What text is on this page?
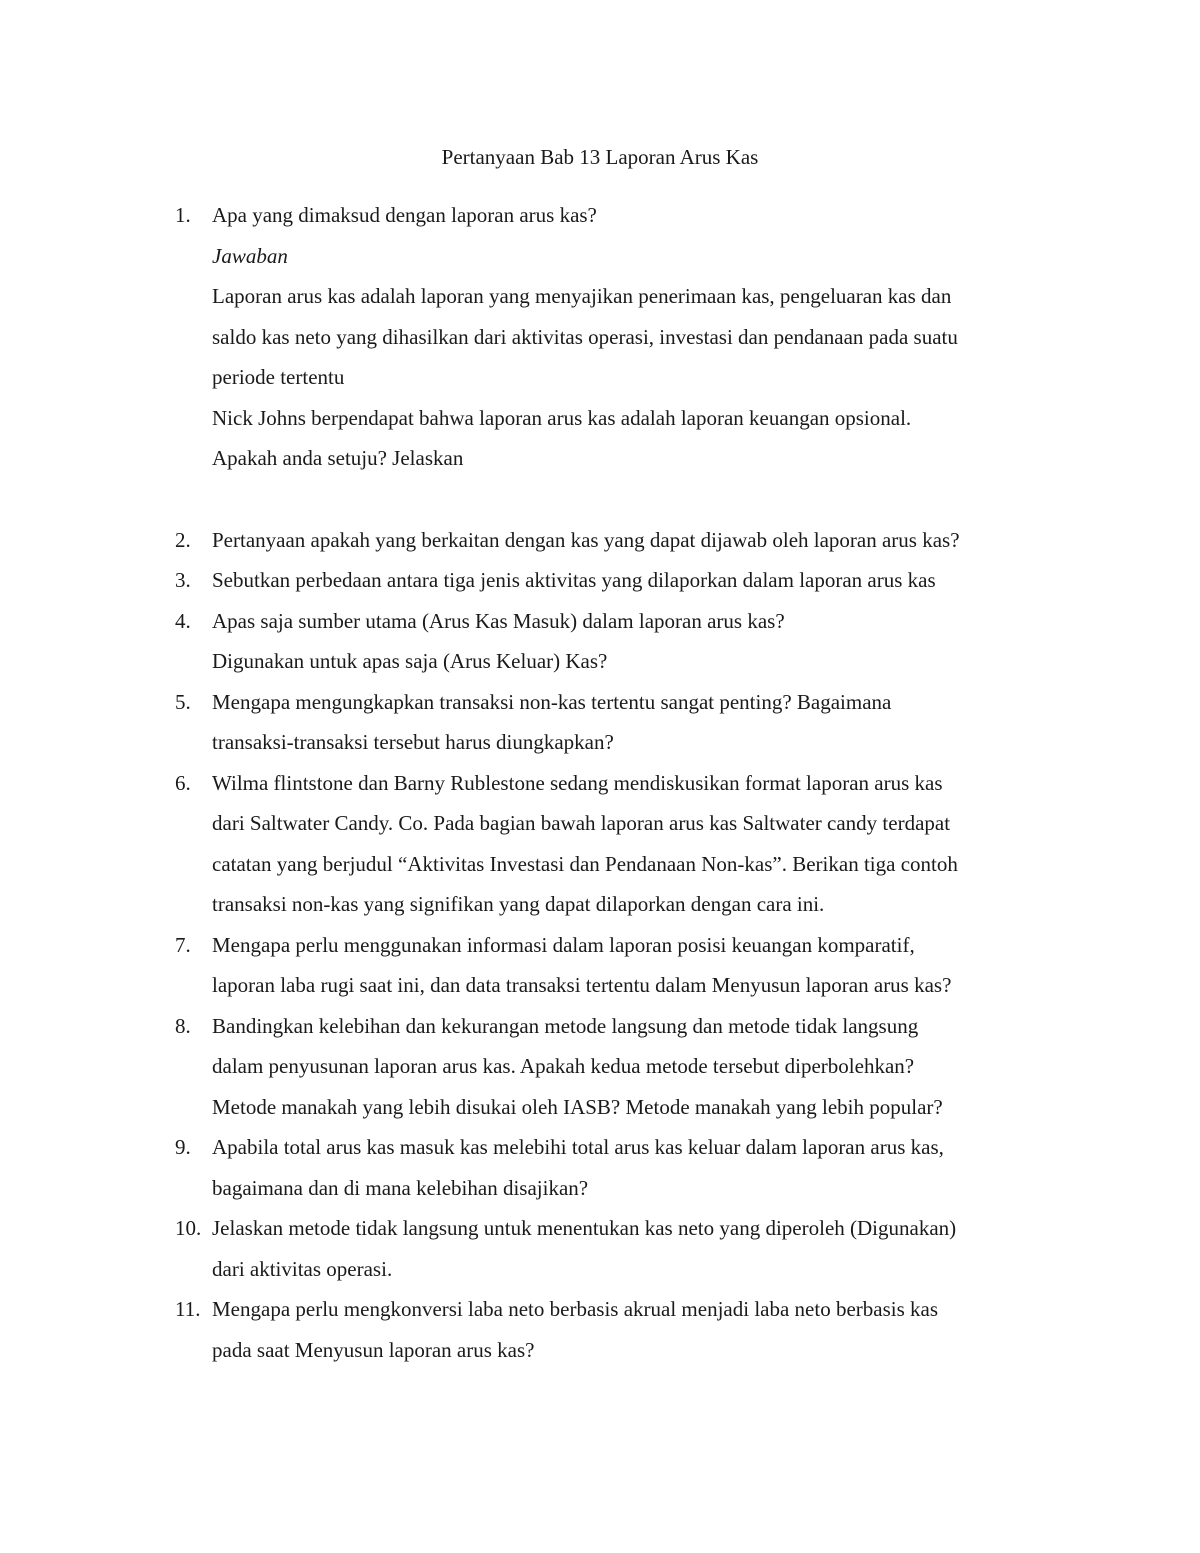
Pertanyaan Bab 13 Laporan Arus Kas
1. Apa yang dimaksud dengan laporan arus kas?
Jawaban
Laporan arus kas adalah laporan yang menyajikan penerimaan kas, pengeluaran kas dan
saldo kas neto yang dihasilkan dari aktivitas operasi, investasi dan pendanaan pada suatu
periode tertentu
Nick Johns berpendapat bahwa laporan arus kas adalah laporan keuangan opsional.
Apakah anda setuju? Jelaskan
2. Pertanyaan apakah yang berkaitan dengan kas yang dapat dijawab oleh laporan arus kas?
3. Sebutkan perbedaan antara tiga jenis aktivitas yang dilaporkan dalam laporan arus kas
4. Apas saja sumber utama (Arus Kas Masuk) dalam laporan arus kas?
Digunakan untuk apas saja (Arus Keluar) Kas?
5. Mengapa mengungkapkan transaksi non-kas tertentu sangat penting? Bagaimana
transaksi-transaksi tersebut harus diungkapkan?
6. Wilma flintstone dan Barny Rublestone sedang mendiskusikan format laporan arus kas
dari Saltwater Candy. Co. Pada bagian bawah laporan arus kas Saltwater candy terdapat
catatan yang berjudul “Aktivitas Investasi dan Pendanaan Non-kas”. Berikan tiga contoh
transaksi non-kas yang signifikan yang dapat dilaporkan dengan cara ini.
7. Mengapa perlu menggunakan informasi dalam laporan posisi keuangan komparatif,
laporan laba rugi saat ini, dan data transaksi tertentu dalam Menyusun laporan arus kas?
8. Bandingkan kelebihan dan kekurangan metode langsung dan metode tidak langsung
dalam penyusunan laporan arus kas. Apakah kedua metode tersebut diperbolehkan?
Metode manakah yang lebih disukai oleh IASB? Metode manakah yang lebih popular?
9. Apabila total arus kas masuk kas melebihi total arus kas keluar dalam laporan arus kas,
bagaimana dan di mana kelebihan disajikan?
10. Jelaskan metode tidak langsung untuk menentukan kas neto yang diperoleh (Digunakan)
dari aktivitas operasi.
11. Mengapa perlu mengkonversi laba neto berbasis akrual menjadi laba neto berbasis kas
pada saat Menyusun laporan arus kas?
